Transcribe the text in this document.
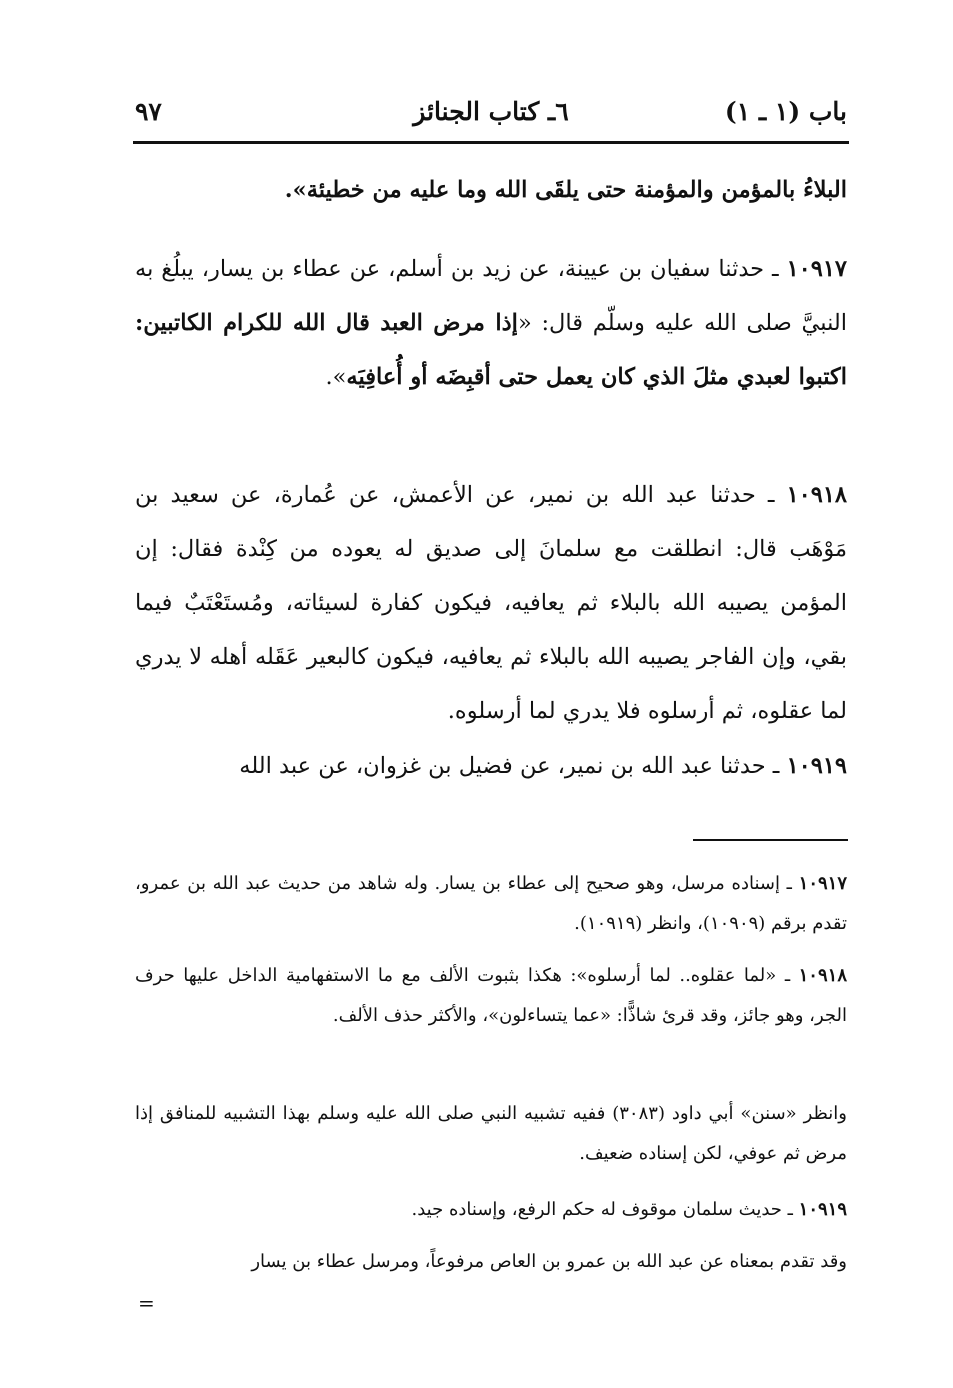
باب (١ ـ ١)
٦ـ كتاب الجنائز
٩٧

البلاءُ بالمؤمن والمؤمنة حتى يلقَى الله وما عليه من خطيئة».

١٠٩١٧ ـ حدثنا سفيان بن عيينة، عن زيد بن أسلم، عن عطاء بن يسار، يبلُغ به النبيَّ صلى الله عليه وسلّم قال: «إذا مرض العبد قال الله للكرام الكاتبين: اكتبوا لعبدي مثلَ الذي كان يعمل حتى أقبِضَه أو أُعافِيَه».

١٠٩١٨ ـ حدثنا عبد الله بن نمير، عن الأعمش، عن عُمارة، عن سعيد بن مَوْهَب قال: انطلقت مع سلمانَ إلى صديق له يعوده من كِنْدة فقال: إن المؤمن يصيبه الله بالبلاء ثم يعافيه، فيكون كفارة لسيئاته، ومُستَعْتَبٌ فيما بقي، وإن الفاجر يصيبه الله بالبلاء ثم يعافيه، فيكون كالبعير عَقَله أهله لا يدري لما عقلوه، ثم أرسلوه فلا يدري لما أرسلوه.

١٠٩١٩ ـ حدثنا عبد الله بن نمير، عن فضيل بن غزوان، عن عبد الله

١٠٩١٧ ـ إسناده مرسل، وهو صحيح إلى عطاء بن يسار. وله شاهد من حديث عبد الله بن عمرو، تقدم برقم (١٠٩٠٩)، وانظر (١٠٩١٩).

١٠٩١٨ ـ «لما عقلوه.. لما أرسلوه»: هكذا بثبوت الألف مع ما الاستفهامية الداخل عليها حرف الجر، وهو جائز، وقد قرئ شاذًّا: «عما يتساءلون»، والأكثر حذف الألف.

وانظر «سنن» أبي داود (٣٠٨٣) ففيه تشبيه النبي صلى الله عليه وسلم بهذا التشبيه للمنافق إذا مرض ثم عوفي، لكن إسناده ضعيف.

١٠٩١٩ ـ حديث سلمان موقوف له حكم الرفع، وإسناده جيد.

وقد تقدم بمعناه عن عبد الله بن عمرو بن العاص مرفوعاً، ومرسل عطاء بن يسار

=
